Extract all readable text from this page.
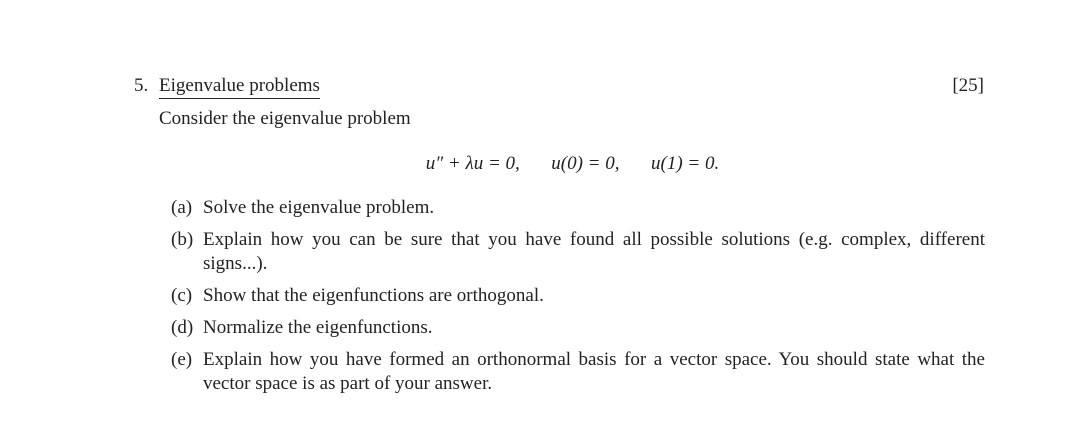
5. Eigenvalue problems	[25]
Consider the eigenvalue problem
u″ + λu = 0, u(0) = 0, u(1) = 0.
(a) Solve the eigenvalue problem.
(b) Explain how you can be sure that you have found all possible solutions (e.g. complex, different signs...).
(c) Show that the eigenfunctions are orthogonal.
(d) Normalize the eigenfunctions.
(e) Explain how you have formed an orthonormal basis for a vector space. You should state what the vector space is as part of your answer.
